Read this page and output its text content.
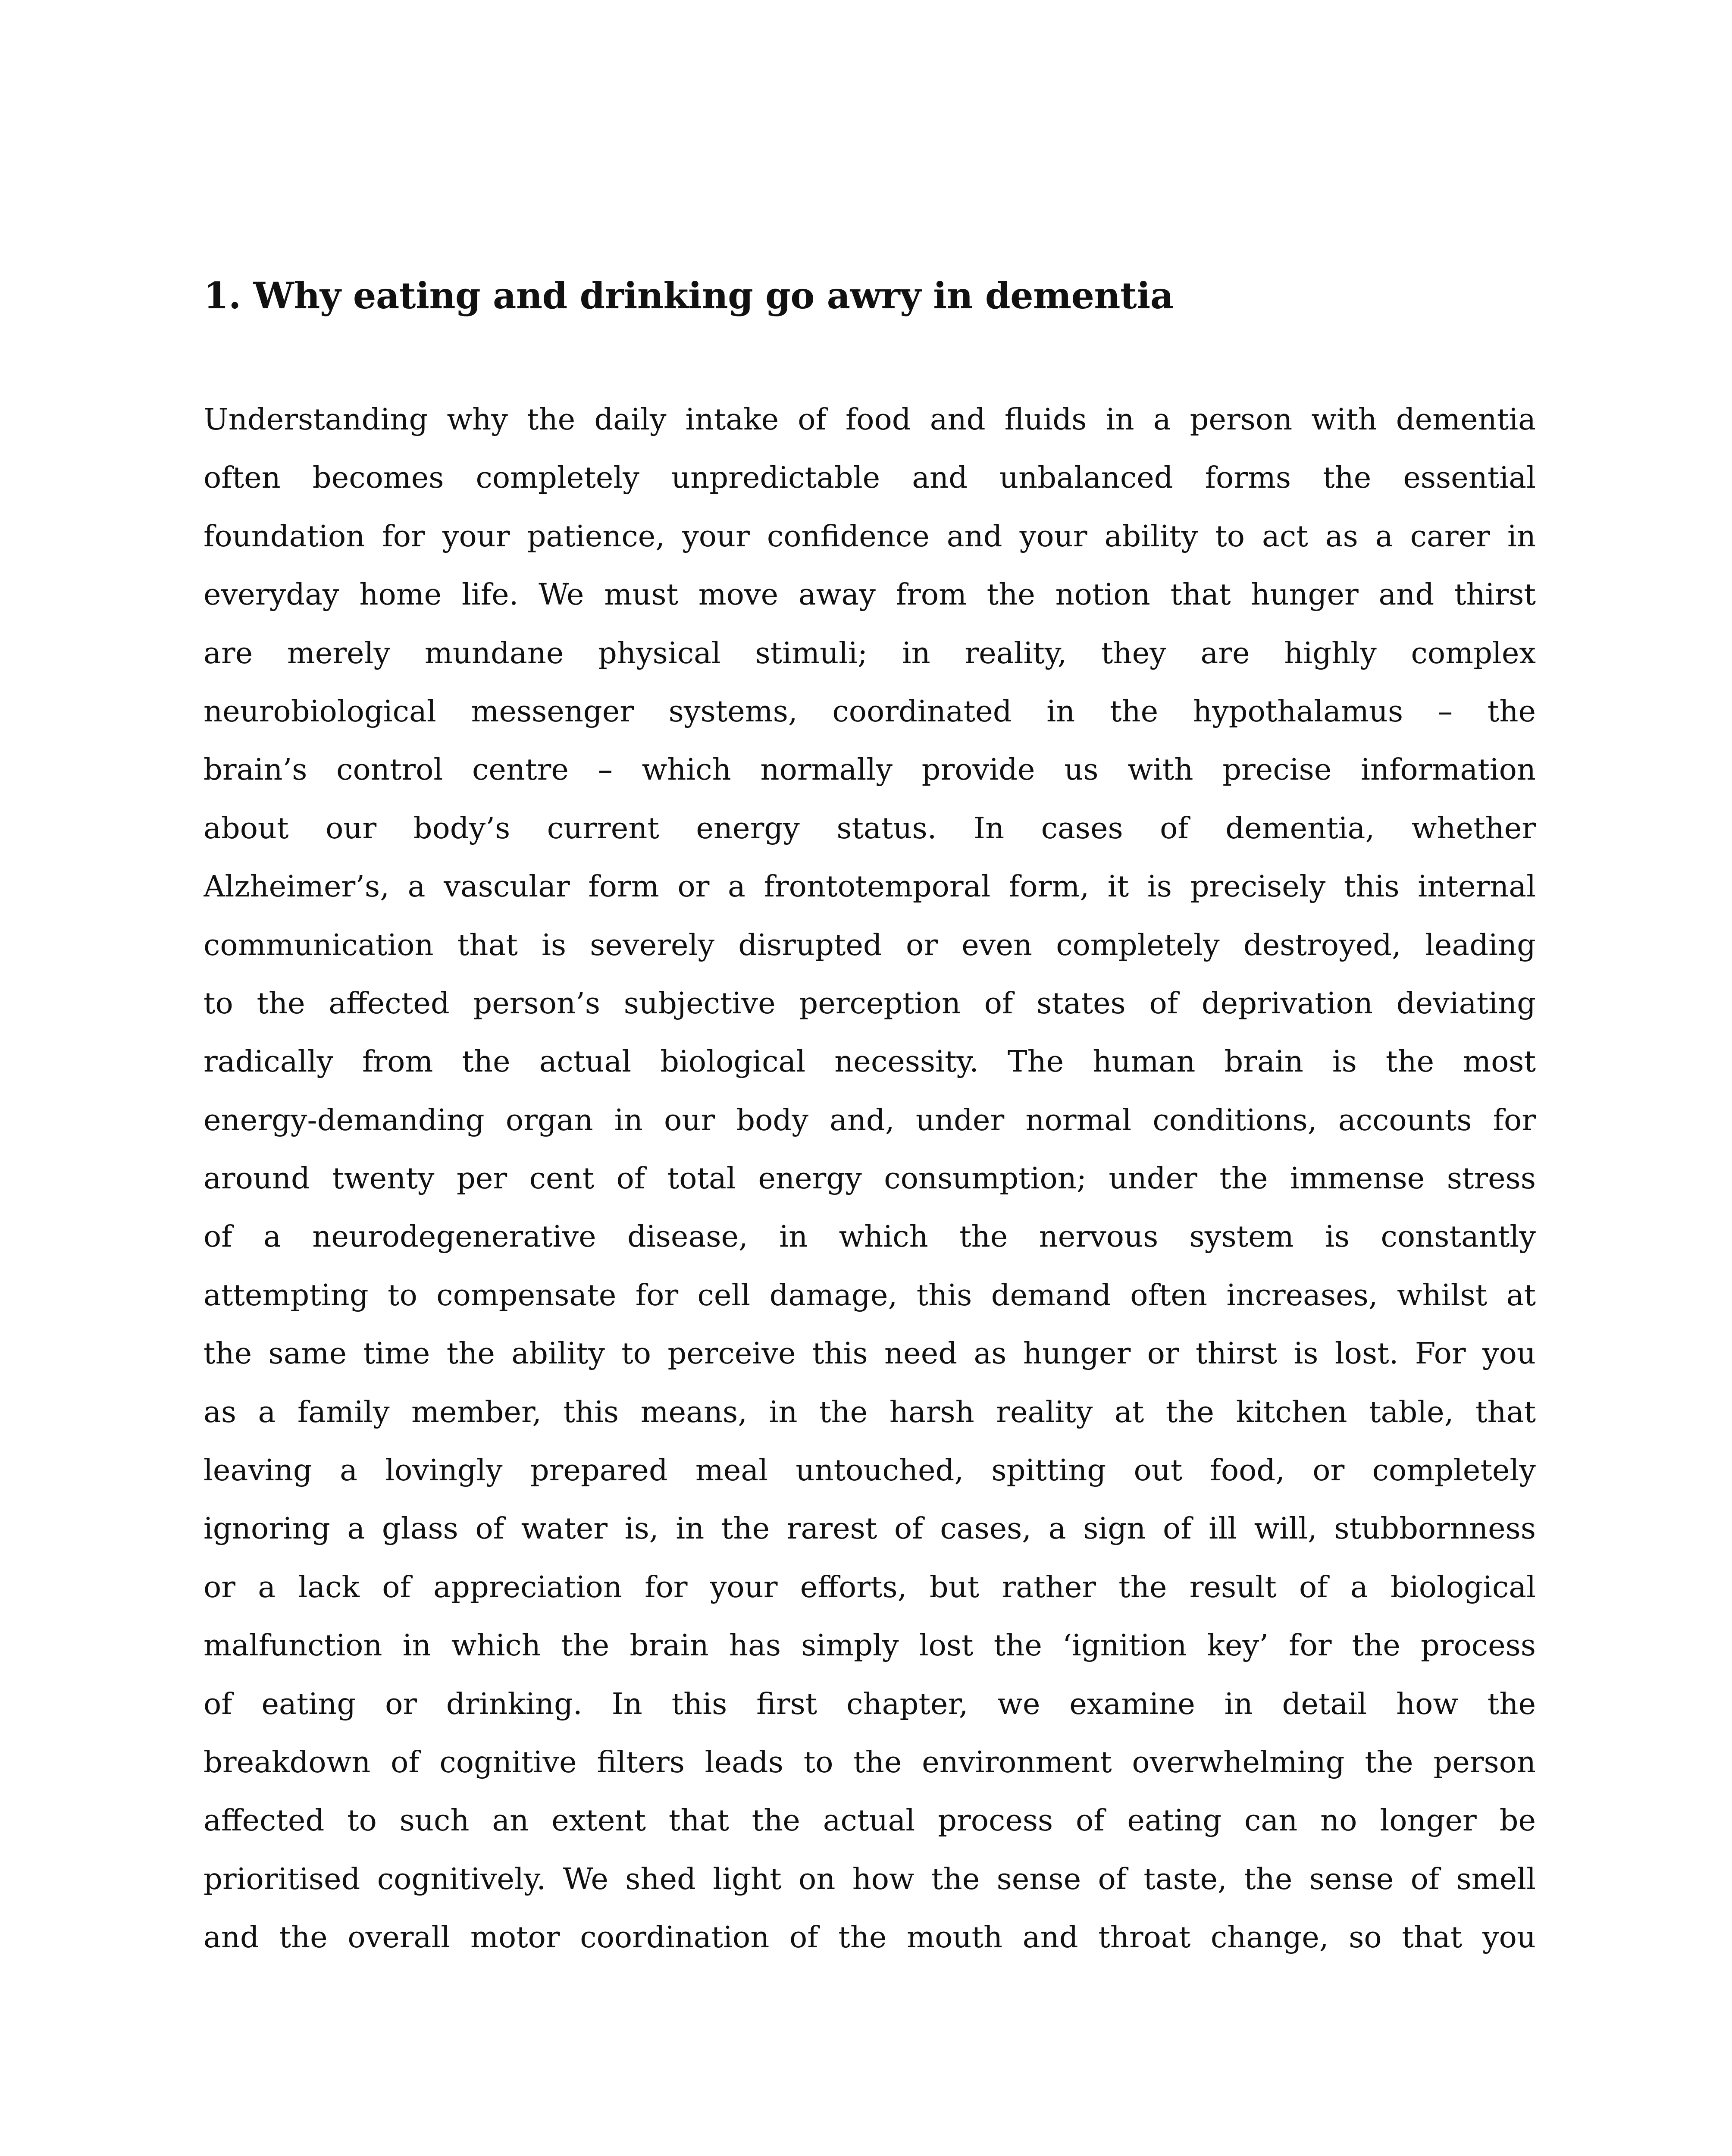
1. Why eating and drinking go awry in dementia

Understanding why the daily intake of food and fluids in a person with dementia
often becomes completely unpredictable and unbalanced forms the essential
foundation for your patience, your confidence and your ability to act as a carer in
everyday home life. We must move away from the notion that hunger and thirst
are merely mundane physical stimuli; in reality, they are highly complex
neurobiological messenger systems, coordinated in the hypothalamus – the
brain’s control centre – which normally provide us with precise information
about our body’s current energy status. In cases of dementia, whether
Alzheimer’s, a vascular form or a frontotemporal form, it is precisely this internal
communication that is severely disrupted or even completely destroyed, leading
to the affected person’s subjective perception of states of deprivation deviating
radically from the actual biological necessity. The human brain is the most
energy-demanding organ in our body and, under normal conditions, accounts for
around twenty per cent of total energy consumption; under the immense stress
of a neurodegenerative disease, in which the nervous system is constantly
attempting to compensate for cell damage, this demand often increases, whilst at
the same time the ability to perceive this need as hunger or thirst is lost. For you
as a family member, this means, in the harsh reality at the kitchen table, that
leaving a lovingly prepared meal untouched, spitting out food, or completely
ignoring a glass of water is, in the rarest of cases, a sign of ill will, stubbornness
or a lack of appreciation for your efforts, but rather the result of a biological
malfunction in which the brain has simply lost the ‘ignition key’ for the process
of eating or drinking. In this first chapter, we examine in detail how the
breakdown of cognitive filters leads to the environment overwhelming the person
affected to such an extent that the actual process of eating can no longer be
prioritised cognitively. We shed light on how the sense of taste, the sense of smell
and the overall motor coordination of the mouth and throat change, so that you
